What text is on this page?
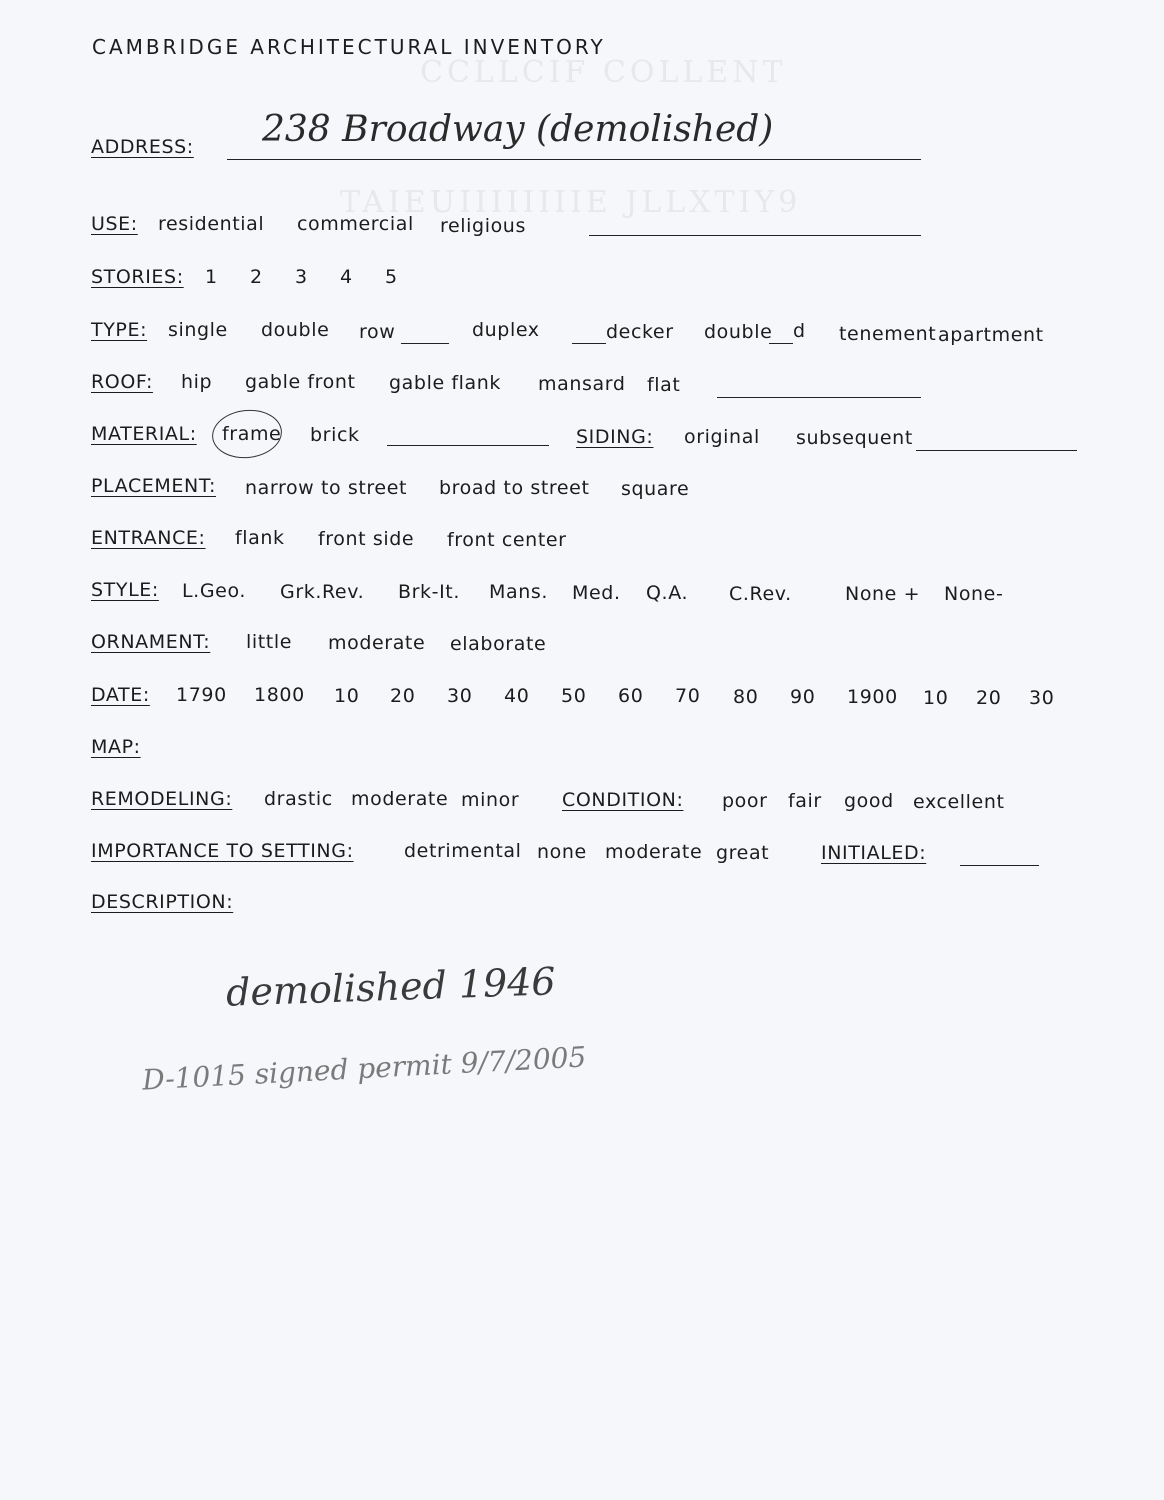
CCLLCIF COLLENT
TAIEUIIIIIIIIE JLLXTIY9
CAMBRIDGE ARCHITECTURAL INVENTORY
ADDRESS: 238 Broadway (demolished)
USE: residential commercial religious
STORIES: 1 2 3 4 5
TYPE: single double row	duplex	decker double d tenement apartment
ROOF: hip gable front gable flank mansard flat
MATERIAL: frame brick	SIDING: original subsequent
PLACEMENT: narrow to street broad to street square
ENTRANCE: flank front side front center
STYLE: L.Geo. Grk.Rev. Brk-It. Mans. Med. Q.A. C.Rev.	None + None-
ORNAMENT: little moderate elaborate
DATE: 1790 1800 10 20 30 40 50 60 70 80 90 1900 10 20 30
MAP:
REMODELING: drastic moderate minor CONDITION: poor fair good excellent
IMPORTANCE TO SETTING:	detrimental none moderate great	INITIALED:
DESCRIPTION:
demolished 1946
D-1015 signed permit 9/7/2005
